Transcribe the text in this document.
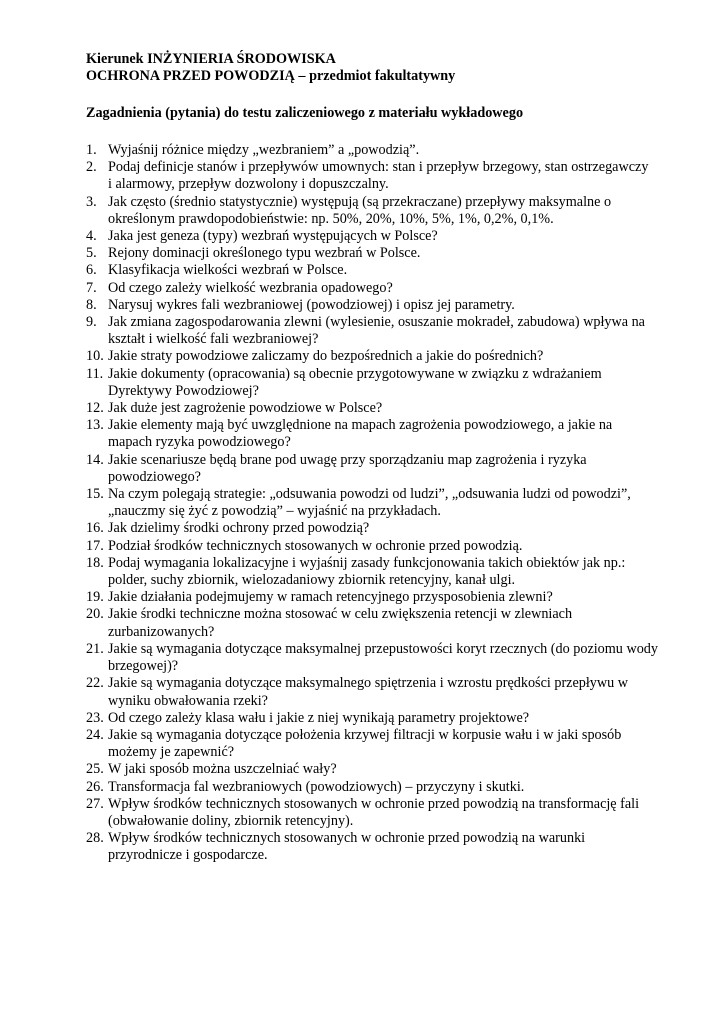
Kierunek INŻYNIERIA ŚRODOWISKA

OCHRONA PRZED POWODZIĄ – przedmiot fakultatywny

Zagadnienia (pytania) do testu zaliczeniowego z materiału wykładowego

1. Wyjaśnij różnice między „wezbraniem” a „powodzią”.
2. Podaj definicje stanów i przepływów umownych: stan i przepływ brzegowy, stan ostrzegawczy
i alarmowy, przepływ dozwolony i dopuszczalny.
3. Jak często (średnio statystycznie) występują (są przekraczane) przepływy maksymalne o
określonym prawdopodobieństwie: np. 50%, 20%, 10%, 5%, 1%, 0,2%, 0,1%.
4. Jaka jest geneza (typy) wezbrań występujących w Polsce?
5. Rejony dominacji określonego typu wezbrań w Polsce.
6. Klasyfikacja wielkości wezbrań w Polsce.
7. Od czego zależy wielkość wezbrania opadowego?
8. Narysuj wykres fali wezbraniowej (powodziowej) i opisz jej parametry.
9. Jak zmiana zagospodarowania zlewni (wylesienie, osuszanie mokradeł, zabudowa) wpływa na
kształt i wielkość fali wezbraniowej?
10. Jakie straty powodziowe zaliczamy do bezpośrednich a jakie do pośrednich?
11. Jakie dokumenty (opracowania) są obecnie przygotowywane w związku z wdrażaniem
Dyrektywy Powodziowej?
12. Jak duże jest zagrożenie powodziowe w Polsce?
13. Jakie elementy mają być uwzględnione na mapach zagrożenia powodziowego, a jakie na
mapach ryzyka powodziowego?
14. Jakie scenariusze będą brane pod uwagę przy sporządzaniu map zagrożenia i ryzyka
powodziowego?
15. Na czym polegają strategie: „odsuwania powodzi od ludzi”, „odsuwania ludzi od powodzi”,
„nauczmy się żyć z powodzią” – wyjaśnić na przykładach.
16. Jak dzielimy środki ochrony przed powodzią?
17. Podział środków technicznych stosowanych w ochronie przed powodzią.
18. Podaj wymagania lokalizacyjne i wyjaśnij zasady funkcjonowania takich obiektów jak np.:
polder, suchy zbiornik, wielozadaniowy zbiornik retencyjny, kanał ulgi.
19. Jakie działania podejmujemy w ramach retencyjnego przysposobienia zlewni?
20. Jakie środki techniczne można stosować w celu zwiększenia retencji w zlewniach
zurbanizowanych?
21. Jakie są wymagania dotyczące maksymalnej przepustowości koryt rzecznych (do poziomu wody
brzegowej)?
22. Jakie są wymagania dotyczące maksymalnego spiętrzenia i wzrostu prędkości przepływu w
wyniku obwałowania rzeki?
23. Od czego zależy klasa wału i jakie z niej wynikają parametry projektowe?
24. Jakie są wymagania dotyczące położenia krzywej filtracji w korpusie wału i w jaki sposób
możemy je zapewnić?
25. W jaki sposób można uszczelniać wały?
26. Transformacja fal wezbraniowych (powodziowych) – przyczyny i skutki.
27. Wpływ środków technicznych stosowanych w ochronie przed powodzią na transformację fali
(obwałowanie doliny, zbiornik retencyjny).
28. Wpływ środków technicznych stosowanych w ochronie przed powodzią na warunki
przyrodnicze i gospodarcze.
